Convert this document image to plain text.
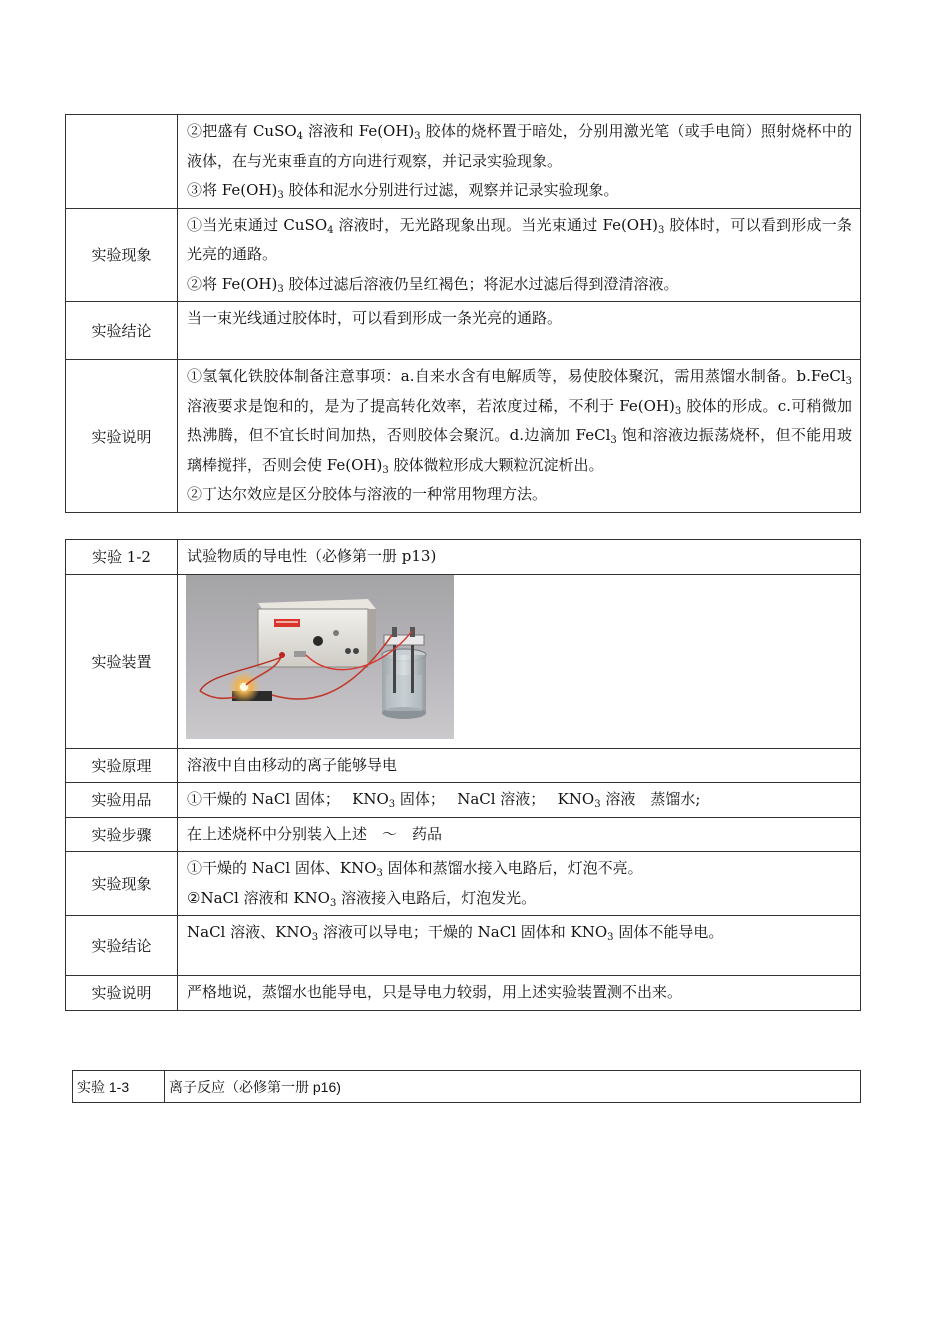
	②把盛有 CuSO$_4$ 溶液和 $Fe(OH)_3$ 胶体的烧杯置于暗处，分别用激光笔（或手电筒）照射烧杯中的液体，在与光束垂直的方向进行观察，并记录实验现象。
③将 $Fe(OH)_3$ 胶体和泥水分别进行过滤，观察并记录实验现象。

实验现象	①当光束通过 CuSO$_4$ 溶液时，无光路现象出现。当光束通过 $Fe(OH)_3$ 胶体时，可以看到形成一条光亮的通路。
②将 $Fe(OH)_3$ 胶体过滤后溶液仍呈红褐色；将泥水过滤后得到澄清溶液。

实验结论	当一束光线通过胶体时，可以看到形成一条光亮的通路。

实验说明	①氢氧化铁胶体制备注意事项：a.自来水含有电解质等，易使胶体聚沉，需用蒸馏水制备。b.FeCl$_3$ 溶液要求是饱和的，是为了提高转化效率，若浓度过稀，不利于 $Fe(OH)_3$ 胶体的形成。c.可稍微加热沸腾，但不宜长时间加热，否则胶体会聚沉。d.边滴加 FeCl$_3$ 饱和溶液边振荡烧杯，但不能用玻璃棒搅拌，否则会使 $Fe(OH)_3$ 胶体微粒形成大颗粒沉淀析出。
②丁达尔效应是区分胶体与溶液的一种常用物理方法。
实验 1-2	试验物质的导电性（必修第一册 p13)

实验装置	

实验原理	溶液中自由移动的离子能够导电

实验用品	①干燥的 NaCl 固体；　 $KNO_3$ 固体；　 NaCl 溶液；　 $KNO_3$ 溶液　蒸馏水;

实验步骤	在上述烧杯中分别装入上述　～　药品

实验现象	①干燥的 NaCl 固体、$KNO_3$ 固体和蒸馏水接入电路后，灯泡不亮。
②NaCl 溶液和 $KNO_3$ 溶液接入电路后，灯泡发光。

实验结论	NaCl 溶液、$KNO_3$ 溶液可以导电；干燥的 NaCl 固体和 $KNO_3$ 固体不能导电。

实验说明	严格地说，蒸馏水也能导电，只是导电力较弱，用上述实验装置测不出来。
实验 1-3	离子反应（必修第一册 p16)
